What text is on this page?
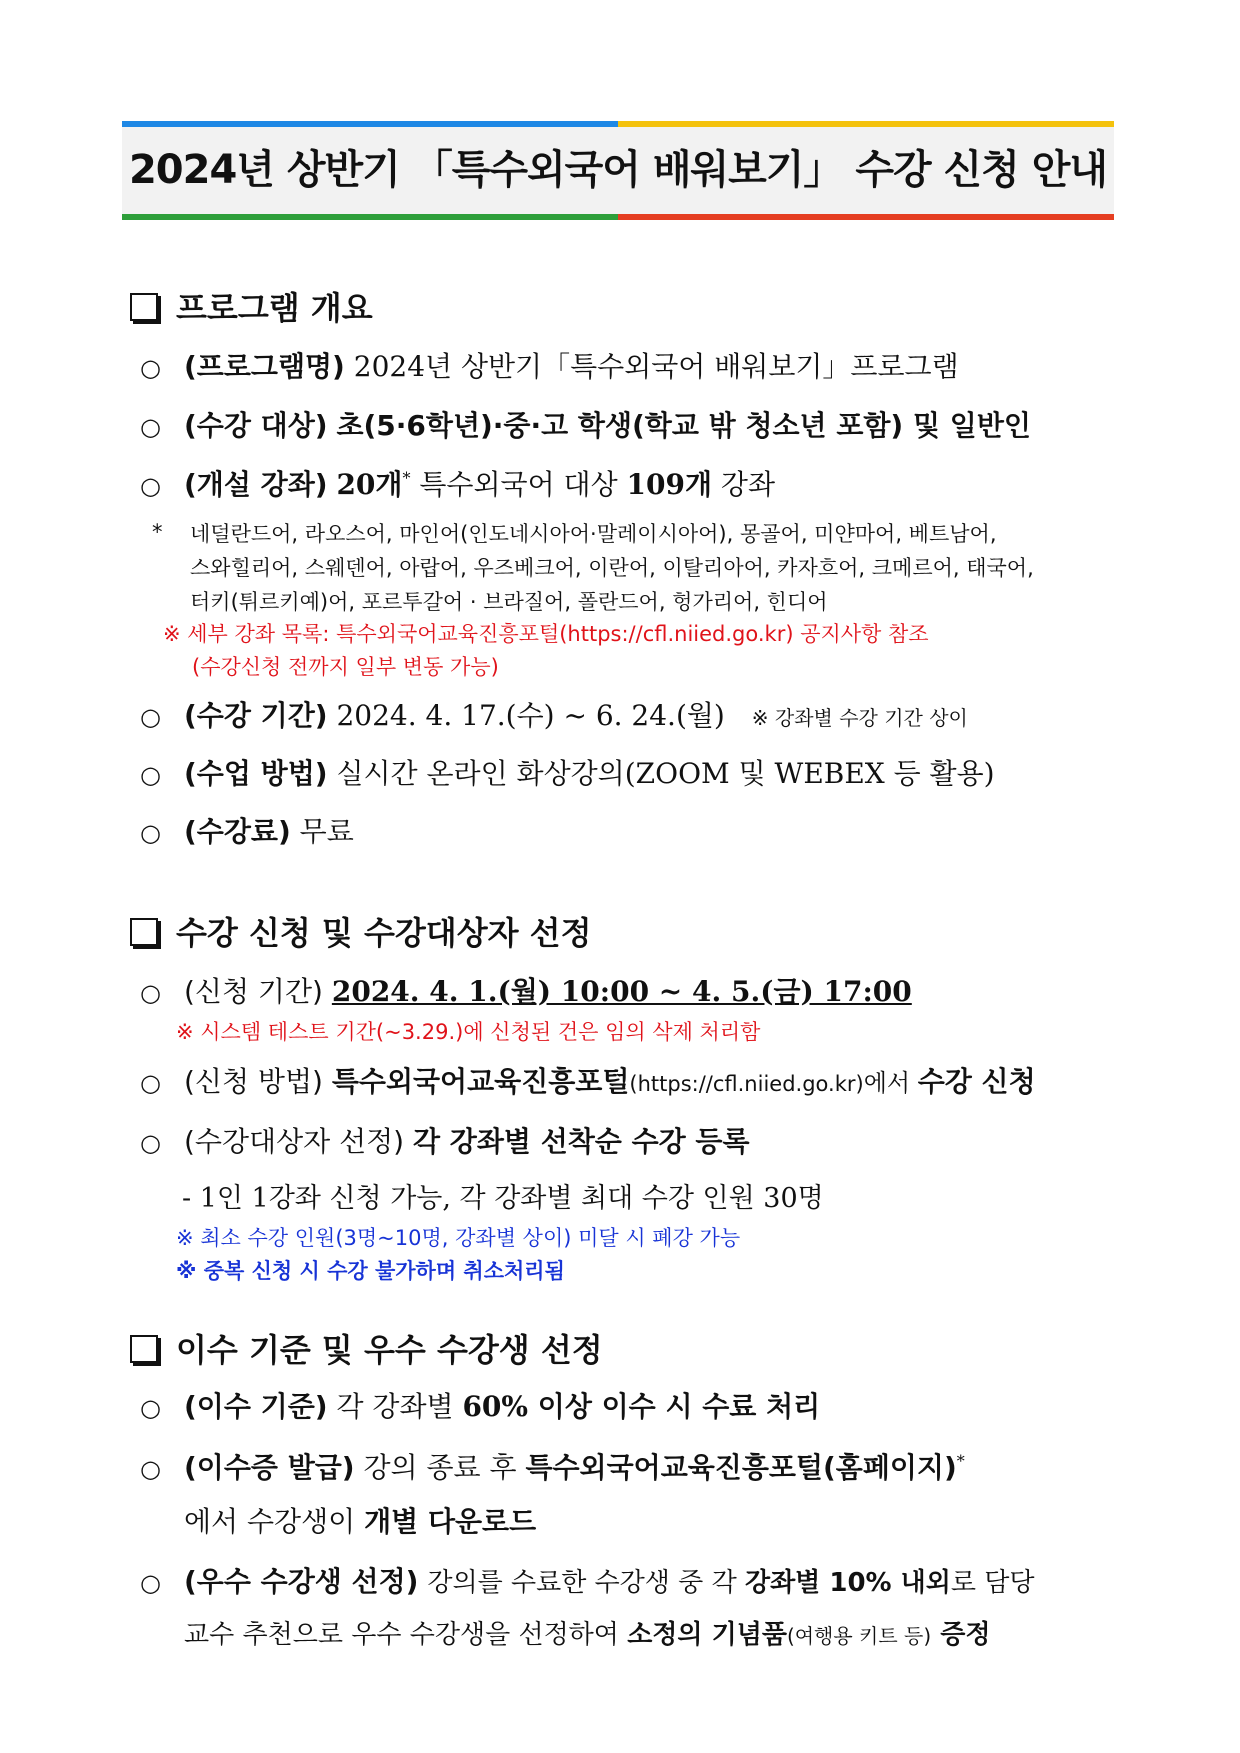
2024년 상반기 「특수외국어 배워보기」 수강 신청 안내
프로그램 개요
○ (프로그램명) 2024년 상반기「특수외국어 배워보기」프로그램
○ (수강 대상) 초(5·6학년)·중·고 학생(학교 밖 청소년 포함) 및 일반인
○ (개설 강좌) 20개* 특수외국어 대상 109개 강좌
* 네덜란드어, 라오스어, 마인어(인도네시아어·말레이시아어), 몽골어, 미얀마어, 베트남어,
스와힐리어, 스웨덴어, 아랍어, 우즈베크어, 이란어, 이탈리아어, 카자흐어, 크메르어, 태국어,
터키(튀르키예)어, 포르투갈어 · 브라질어, 폴란드어, 헝가리어, 힌디어
※ 세부 강좌 목록: 특수외국어교육진흥포털(https://cfl.niied.go.kr) 공지사항 참조
(수강신청 전까지 일부 변동 가능)
○ (수강 기간) 2024. 4. 17.(수) ~ 6. 24.(월) ※ 강좌별 수강 기간 상이
○ (수업 방법) 실시간 온라인 화상강의(ZOOM 및 WEBEX 등 활용)
○ (수강료) 무료
수강 신청 및 수강대상자 선정
○ (신청 기간) 2024. 4. 1.(월) 10:00 ~ 4. 5.(금) 17:00
※ 시스템 테스트 기간(~3.29.)에 신청된 건은 임의 삭제 처리함
○ (신청 방법) 특수외국어교육진흥포털(https://cfl.niied.go.kr)에서 수강 신청
○ (수강대상자 선정) 각 강좌별 선착순 수강 등록
- 1인 1강좌 신청 가능, 각 강좌별 최대 수강 인원 30명
※ 최소 수강 인원(3명~10명, 강좌별 상이) 미달 시 폐강 가능
※ 중복 신청 시 수강 불가하며 취소처리됨
이수 기준 및 우수 수강생 선정
○ (이수 기준) 각 강좌별 60% 이상 이수 시 수료 처리
○ (이수증 발급) 강의 종료 후 특수외국어교육진흥포털(홈페이지)*
에서 수강생이 개별 다운로드
○ (우수 수강생 선정) 강의를 수료한 수강생 중 각 강좌별 10% 내외로 담당
교수 추천으로 우수 수강생을 선정하여 소정의 기념품(여행용 키트 등) 증정
